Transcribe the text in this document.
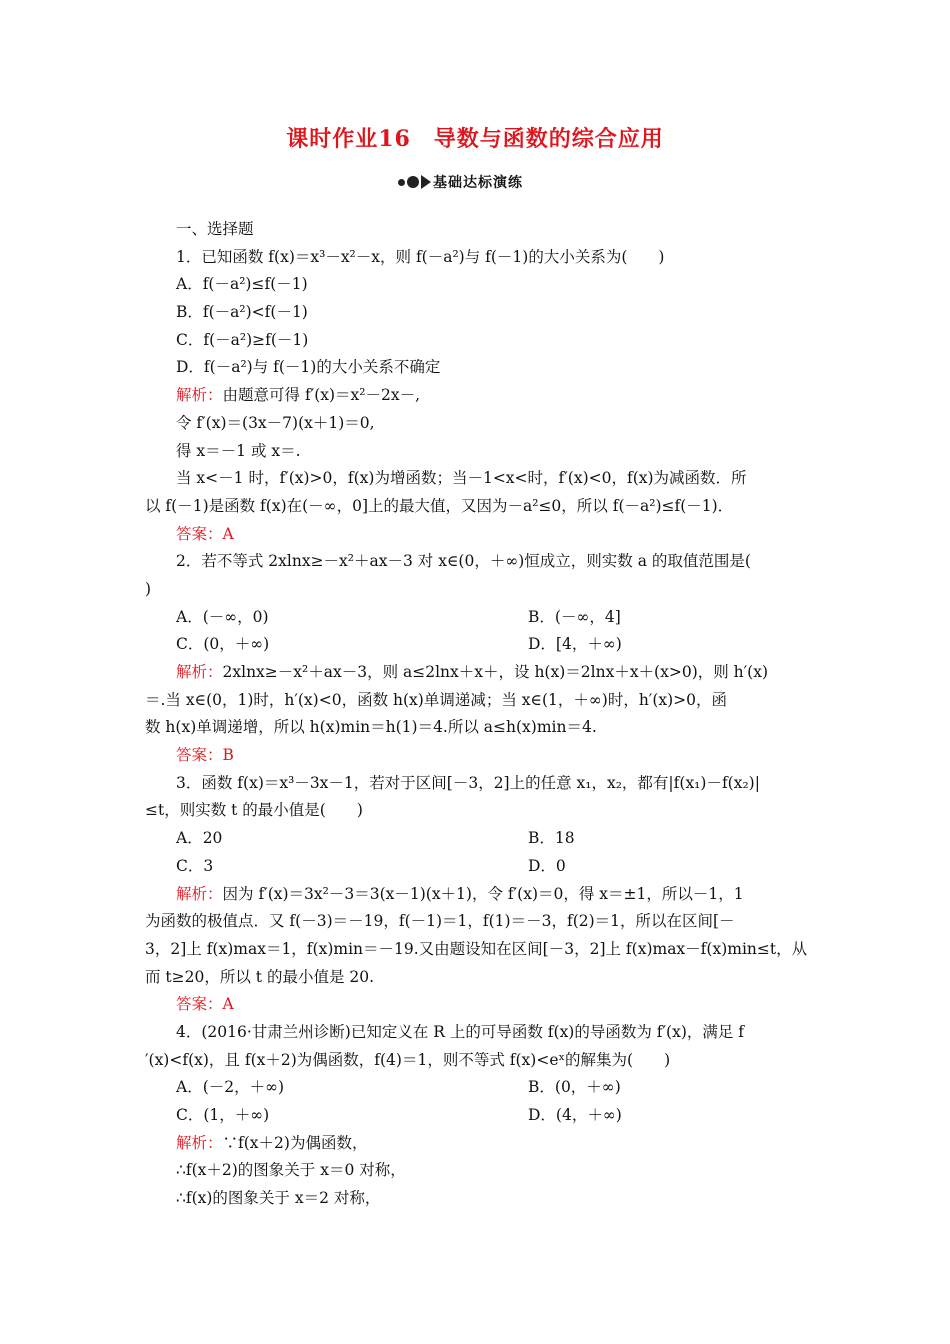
课时作业16　导数与函数的综合应用
基础达标演练
一、选择题
1．已知函数 f(x)＝x³－x²－x，则 f(－a²)与 f(－1)的大小关系为(　　)
A．f(－a²)≤f(－1)
B．f(－a²)<f(－1)
C．f(－a²)≥f(－1)
D．f(－a²)与 f(－1)的大小关系不确定
解析：由题意可得 f′(x)＝x²－2x－,
令 f′(x)＝(3x－7)(x＋1)＝0,
得 x＝－1 或 x＝.
当 x<－1 时，f′(x)>0，f(x)为增函数；当－1<x<时，f′(x)<0，f(x)为减函数．所
以 f(－1)是函数 f(x)在(－∞，0]上的最大值，又因为－a²≤0，所以 f(－a²)≤f(－1)．
答案：A
2．若不等式 2xlnx≥－x²＋ax－3 对 x∈(0，＋∞)恒成立，则实数 a 的取值范围是(
)
A．(－∞，0)	B．(－∞，4]
C．(0，＋∞)	D．[4，＋∞)
解析：2xlnx≥－x²＋ax－3，则 a≤2lnx＋x＋，设 h(x)＝2lnx＋x＋(x>0)，则 h′(x)
＝.当 x∈(0，1)时，h′(x)<0，函数 h(x)单调递减；当 x∈(1，＋∞)时，h′(x)>0，函
数 h(x)单调递增，所以 h(x)min＝h(1)＝4.所以 a≤h(x)min＝4.
答案：B
3．函数 f(x)＝x³－3x－1，若对于区间[－3，2]上的任意 x₁，x₂，都有|f(x₁)－f(x₂)|
≤t，则实数 t 的最小值是(　　)
A．20	B．18
C．3	D．0
解析：因为 f′(x)＝3x²－3＝3(x－1)(x＋1)，令 f′(x)＝0，得 x＝±1，所以－1，1
为函数的极值点．又 f(－3)＝－19，f(－1)＝1，f(1)＝－3，f(2)＝1，所以在区间[－
3，2]上 f(x)max＝1，f(x)min＝－19.又由题设知在区间[－3，2]上 f(x)max－f(x)min≤t，从
而 t≥20，所以 t 的最小值是 20.
答案：A
4．(2016·甘肃兰州诊断)已知定义在 R 上的可导函数 f(x)的导函数为 f′(x)，满足 f
′(x)<f(x)，且 f(x＋2)为偶函数，f(4)＝1，则不等式 f(x)<eˣ的解集为(　　)
A．(－2，＋∞)	B．(0，＋∞)
C．(1，＋∞)	D．(4，＋∞)
解析：∵f(x＋2)为偶函数，
∴f(x＋2)的图象关于 x＝0 对称，
∴f(x)的图象关于 x＝2 对称，
